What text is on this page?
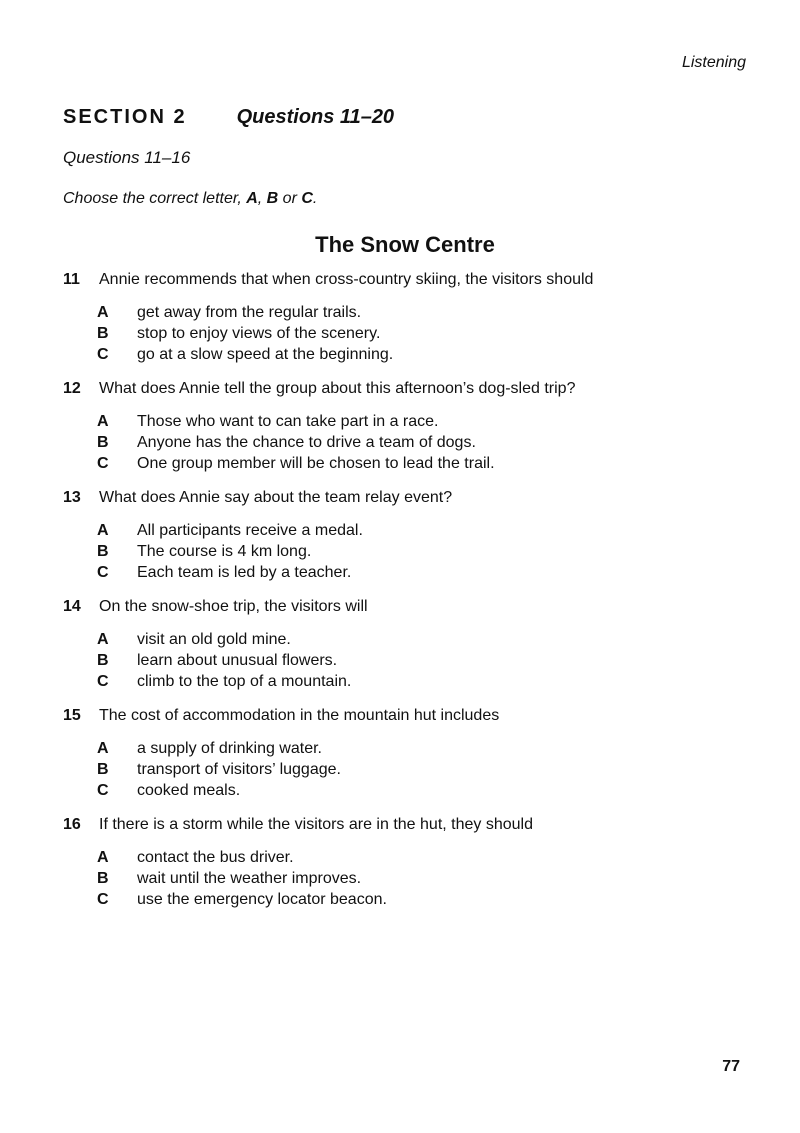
Listening
SECTION 2	Questions 11–20
Questions 11–16
Choose the correct letter, A, B or C.
The Snow Centre
11	Annie recommends that when cross-country skiing, the visitors should
A	get away from the regular trails.
B	stop to enjoy views of the scenery.
C	go at a slow speed at the beginning.
12	What does Annie tell the group about this afternoon’s dog-sled trip?
A	Those who want to can take part in a race.
B	Anyone has the chance to drive a team of dogs.
C	One group member will be chosen to lead the trail.
13	What does Annie say about the team relay event?
A	All participants receive a medal.
B	The course is 4 km long.
C	Each team is led by a teacher.
14	On the snow-shoe trip, the visitors will
A	visit an old gold mine.
B	learn about unusual flowers.
C	climb to the top of a mountain.
15	The cost of accommodation in the mountain hut includes
A	a supply of drinking water.
B	transport of visitors’ luggage.
C	cooked meals.
16	If there is a storm while the visitors are in the hut, they should
A	contact the bus driver.
B	wait until the weather improves.
C	use the emergency locator beacon.
77
